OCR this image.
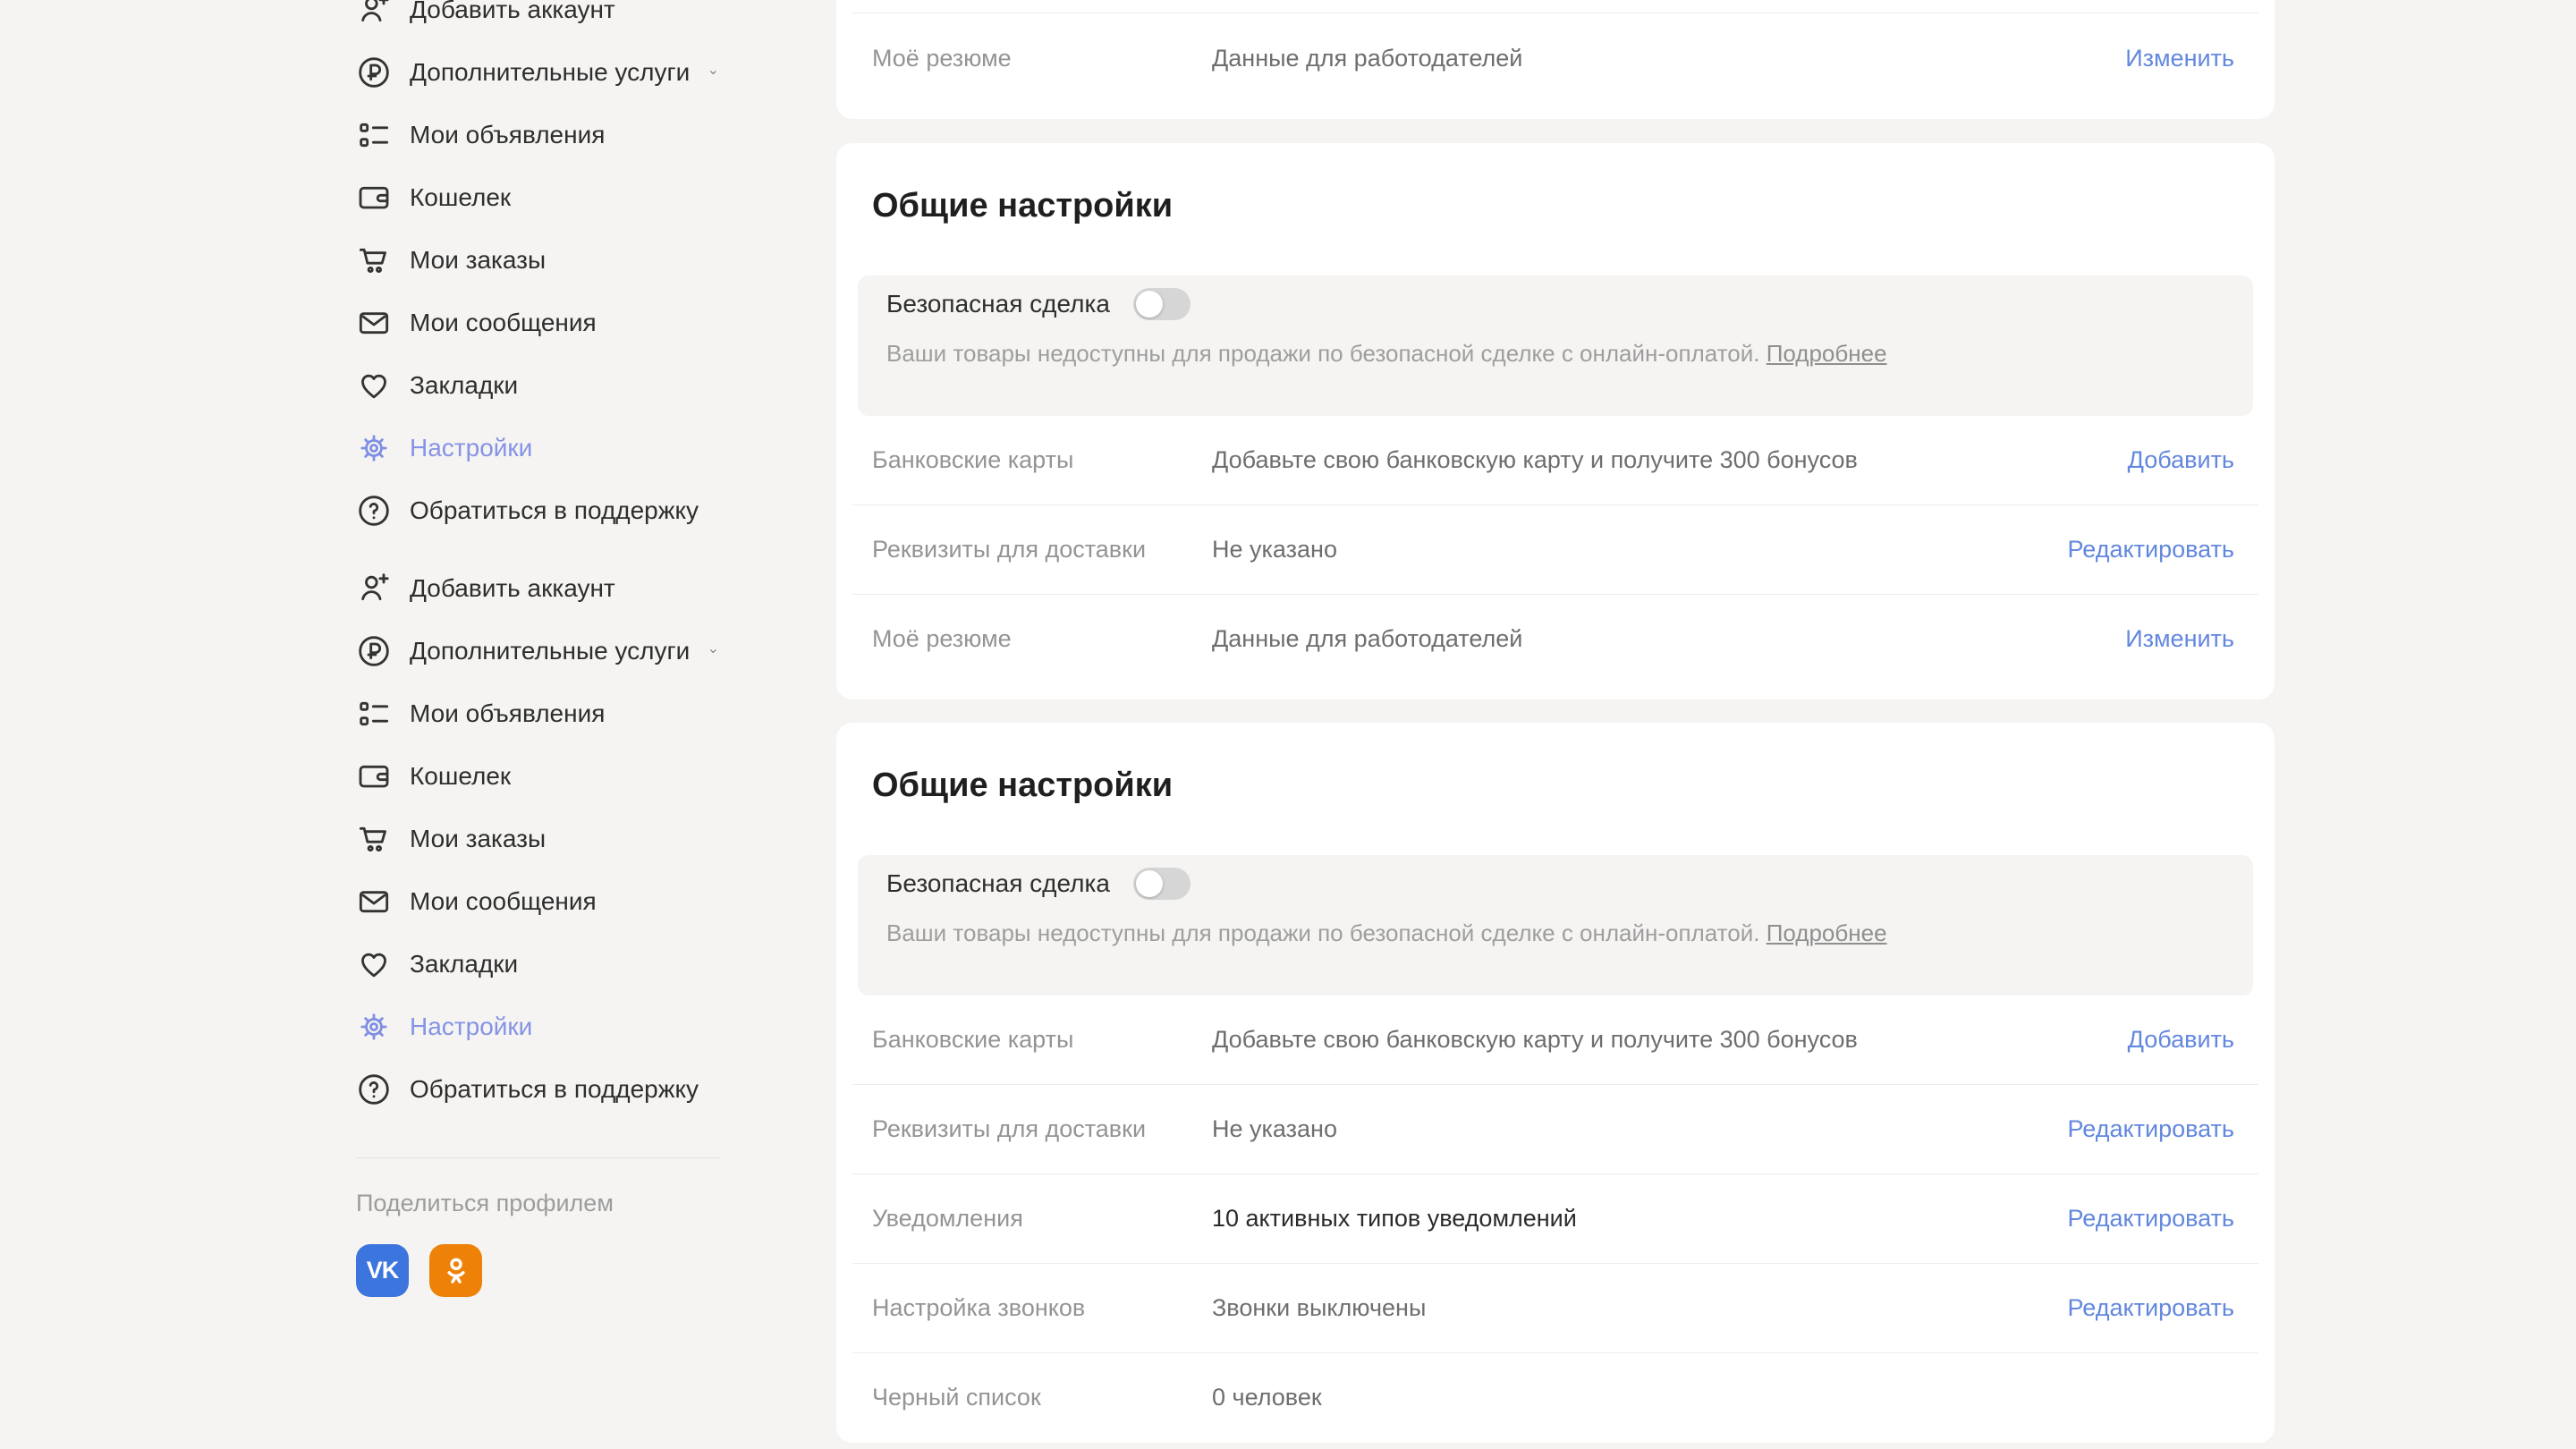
Добавить аккаунт
Дополнительные услуги
Мои объявления
Кошелек
Мои заказы
Мои сообщения
Закладки
Настройки
Обратиться в поддержку
Добавить аккаунт
Дополнительные услуги
Мои объявления
Кошелек
Мои заказы
Мои сообщения
Закладки
Настройки
Обратиться в поддержку
Поделиться профилем
VK
Моё резюме	Данные для работодателей	Изменить
Общие настройки
Безопасная сделка
Ваши товары недоступны для продажи по безопасной сделке с онлайн-оплатой. Подробнее
Банковские карты	Добавьте свою банковскую карту и получите 300 бонусов	Добавить
Реквизиты для доставки	Не указано	Редактировать
Моё резюме	Данные для работодателей	Изменить
Общие настройки
Безопасная сделка
Ваши товары недоступны для продажи по безопасной сделке с онлайн-оплатой. Подробнее
Банковские карты	Добавьте свою банковскую карту и получите 300 бонусов	Добавить
Реквизиты для доставки	Не указано	Редактировать
Уведомления	10 активных типов уведомлений	Редактировать
Настройка звонков	Звонки выключены	Редактировать
Черный список	0 человек
